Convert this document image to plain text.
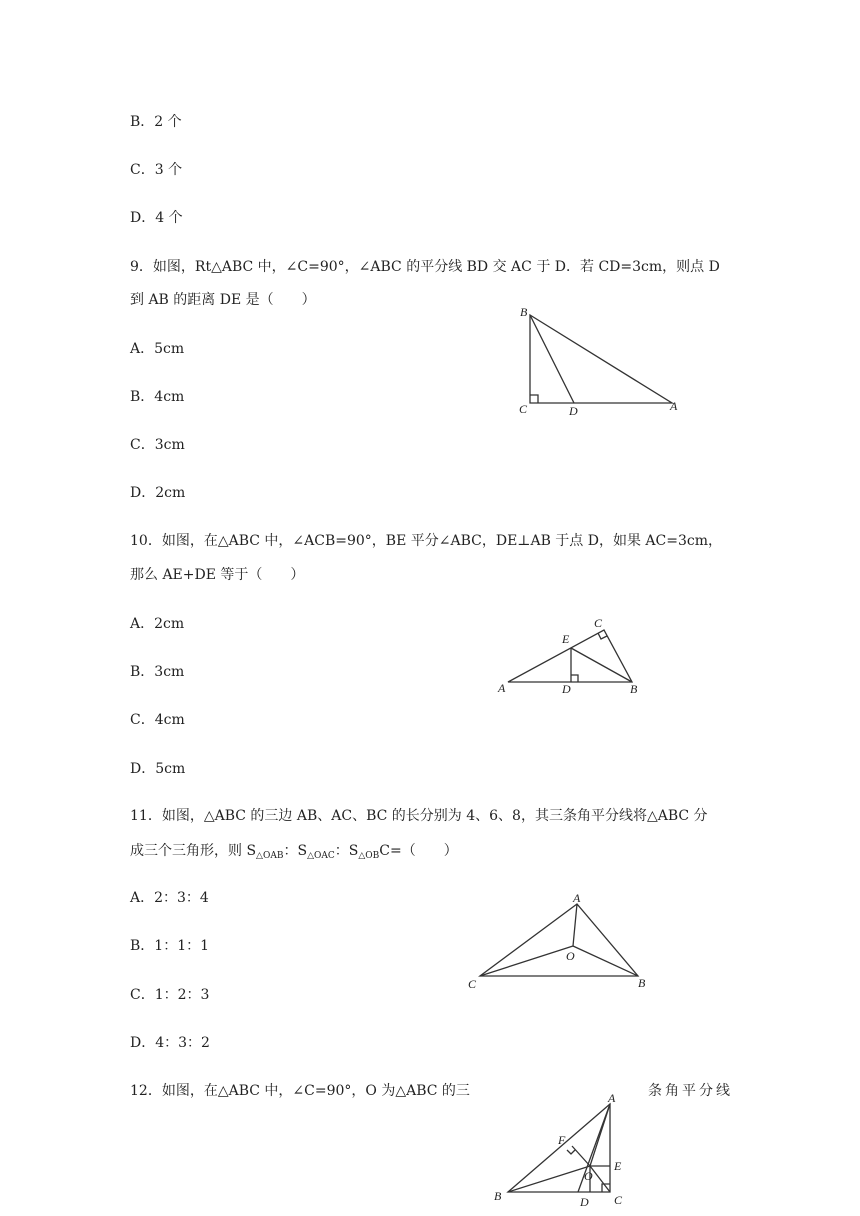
B．2 个
C．3 个
D．4 个
9．如图，Rt△ABC 中，∠C=90°，∠ABC 的平分线 BD 交 AC 于 D．若 CD=3cm，则点 D
到 AB 的距离 DE 是（　　）
A．5cm
B．4cm
C．3cm
D．2cm
B
C	D	A
10．如图，在△ABC 中，∠ACB=90°，BE 平分∠ABC，DE⊥AB 于点 D，如果 AC=3cm，
那么 AE+DE 等于（　　）
A．2cm
B．3cm
C．4cm
D．5cm
C
E
A	D	B
11．如图，△ABC 的三边 AB、AC、BC 的长分别为 4、6、8，其三条角平分线将△ABC 分
成三个三角形，则 $S_{\triangle OAB}$：$S_{\triangle OAC}$：$S_{\triangle OB}C=$（　　）
A．2：3：4
B．1：1：1
C．1：2：3
D．4：3：2
A
O
C	B
12．如图，在△ABC 中，∠C=90°，O 为△ABC 的三	条角平分线
A
F
O
E
B	D C
